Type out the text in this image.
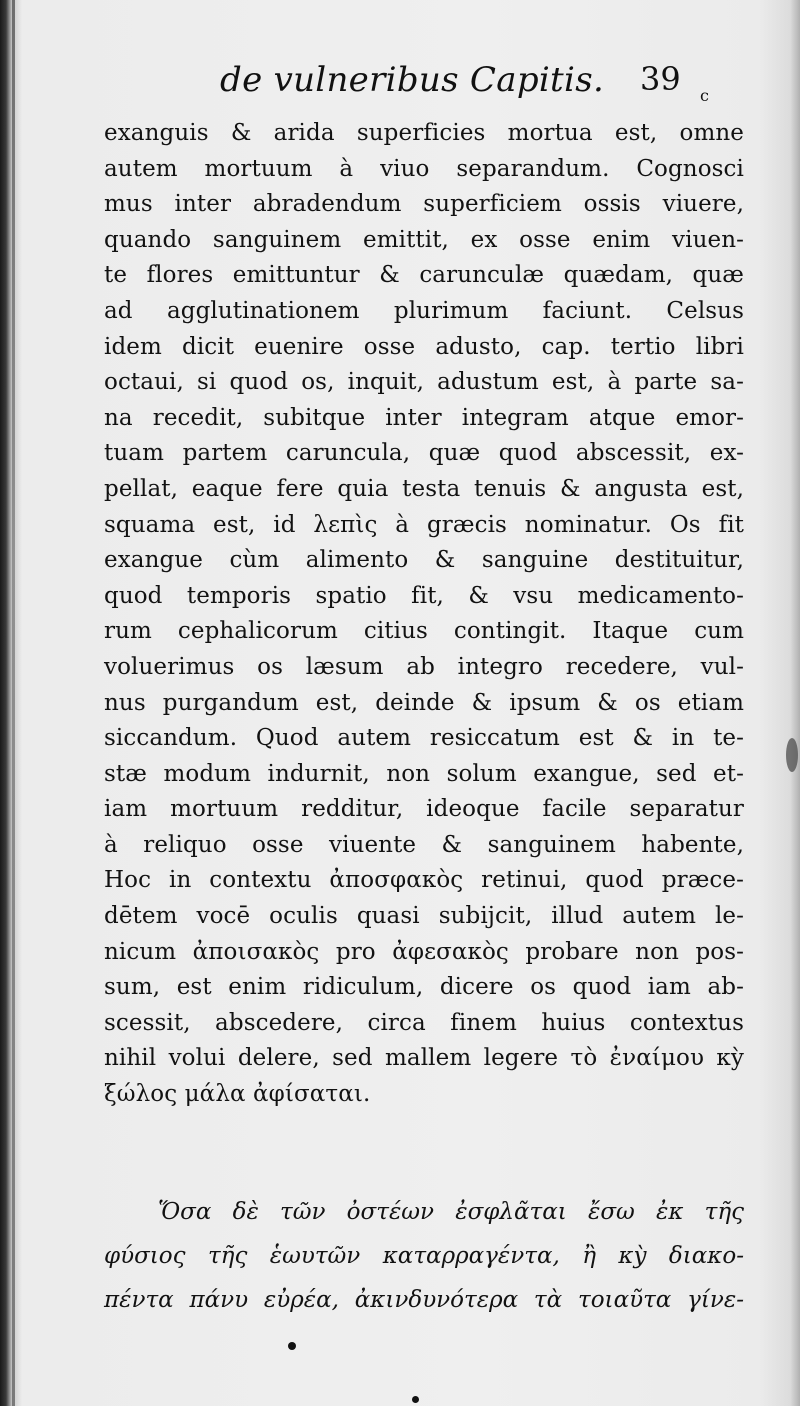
de vulneribus Capitis. 39 c
exanguis & arida superficies mortua est, omne
autem mortuum à viuo separandum. Cognosci
mus inter abradendum superficiem ossis viuere,
quando sanguinem emittit, ex osse enim viuen-
te flores emittuntur & carunculæ quædam, quæ
ad agglutinationem plurimum faciunt. Celsus
idem dicit euenire osse adusto, cap. tertio libri
octaui, si quod os, inquit, adustum est, à parte sa-
na recedit, subitque inter integram atque emor-
tuam partem caruncula, quæ quod abscessit, ex-
pellat, eaque fere quia testa tenuis & angusta est,
squama est, id λεπὶς à græcis nominatur. Os fit
exangue cùm alimento & sanguine destituitur,
quod temporis spatio fit, & vsu medicamento-
rum cephalicorum citius contingit. Itaque cum
voluerimus os læsum ab integro recedere, vul-
nus purgandum est, deinde & ipsum & os etiam
siccandum. Quod autem resiccatum est & in te-
stæ modum indurnit, non solum exangue, sed et-
iam mortuum redditur, ideoque facile separatur
à reliquo osse viuente & sanguinem habente,
Hoc in contextu ἀποσφακὸς retinui, quod præce-
dētem vocē oculis quasi subijcit, illud autem le-
nicum ἀποισακὸς pro ἀφεσακὸς probare non pos-
sum, est enim ridiculum, dicere os quod iam ab-
scessit, abscedere, circa finem huius contextus
nihil volui delere, sed mallem legere τὸ ἐναίμου κỳ
ξώλος μάλα ἀφίσαται.
Ὅσα δὲ τῶν ὀστέων ἐσφλᾶται ἔσω ἐκ τῆς
φύσιος τῆς ἑωυτῶν καταρραγέντα, ἢ κỳ διακο-
πέντα πάνυ εὐρέα, ἀκινδυνότερα τὰ τοιαῦτα γίνε-
